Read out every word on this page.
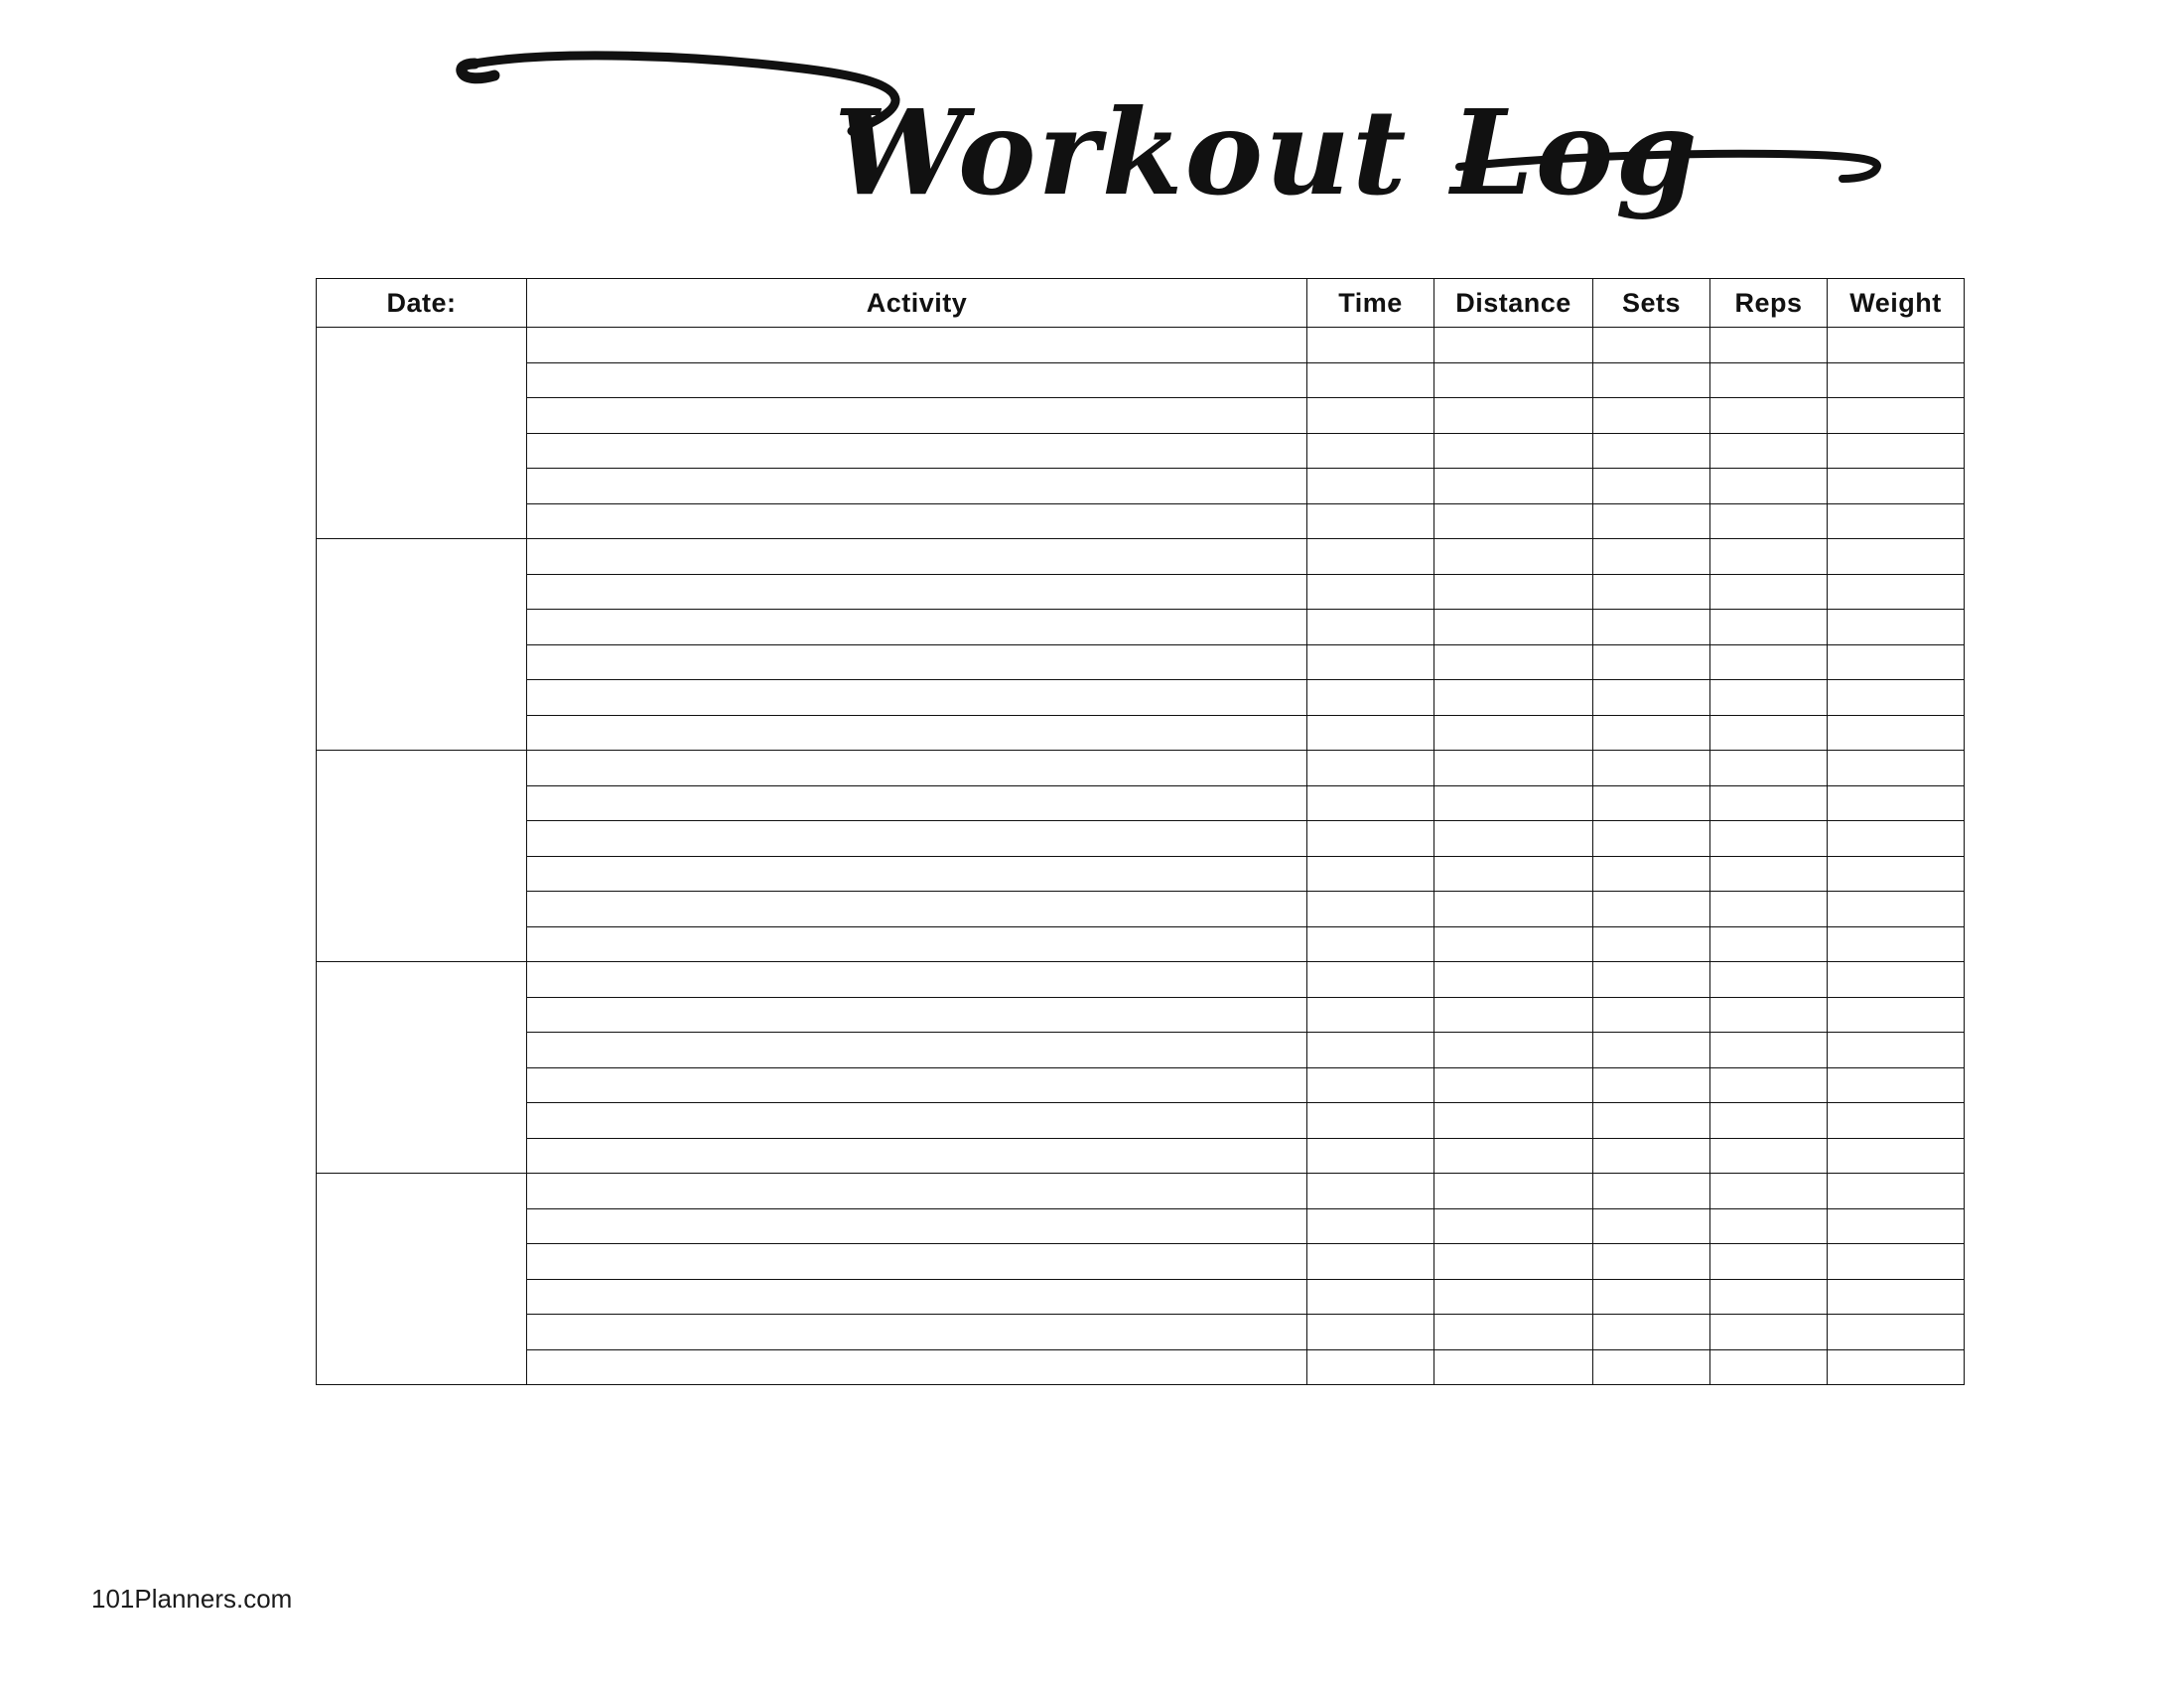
Workout Log
Date:	Activity	Time	Distance	Sets	Reps	Weight

101Planners.com
